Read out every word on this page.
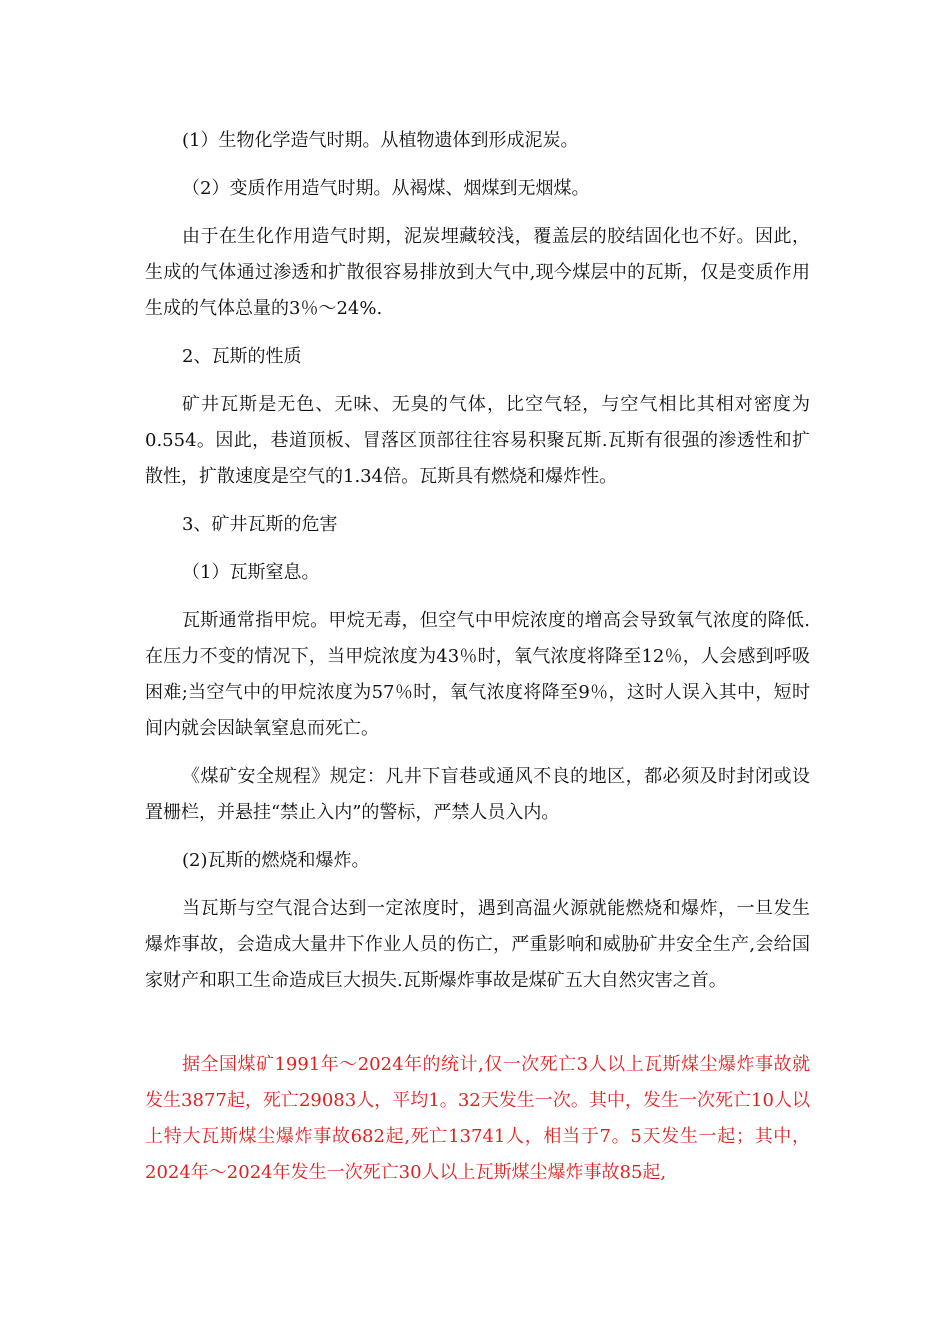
(1）生物化学造气时期。从植物遗体到形成泥炭。

（2）变质作用造气时期。从褐煤、烟煤到无烟煤。

由于在生化作用造气时期，泥炭埋藏较浅，覆盖层的胶结固化也不好。因此，生成的气体通过渗透和扩散很容易排放到大气中,现今煤层中的瓦斯，仅是变质作用生成的气体总量的3％～24%.

2、瓦斯的性质

矿井瓦斯是无色、无味、无臭的气体，比空气轻，与空气相比其相对密度为0.554。因此，巷道顶板、冒落区顶部往往容易积聚瓦斯.瓦斯有很强的渗透性和扩散性，扩散速度是空气的1.34倍。瓦斯具有燃烧和爆炸性。

3、矿井瓦斯的危害

（1）瓦斯窒息。

瓦斯通常指甲烷。甲烷无毒，但空气中甲烷浓度的增高会导致氧气浓度的降低.在压力不变的情况下，当甲烷浓度为43％时，氧气浓度将降至12％，人会感到呼吸困难;当空气中的甲烷浓度为57％时，氧气浓度将降至9％，这时人误入其中，短时间内就会因缺氧窒息而死亡。

《煤矿安全规程》规定：凡井下盲巷或通风不良的地区，都必须及时封闭或设置栅栏，并悬挂“禁止入内”的警标，严禁人员入内。

(2)瓦斯的燃烧和爆炸。

当瓦斯与空气混合达到一定浓度时，遇到高温火源就能燃烧和爆炸，一旦发生爆炸事故，会造成大量井下作业人员的伤亡，严重影响和威胁矿井安全生产,会给国家财产和职工生命造成巨大损失.瓦斯爆炸事故是煤矿五大自然灾害之首。

据全国煤矿1991年～2024年的统计,仅一次死亡3人以上瓦斯煤尘爆炸事故就发生3877起，死亡29083人，平均1。32天发生一次。其中，发生一次死亡10人以上特大瓦斯煤尘爆炸事故682起,死亡13741人，相当于7。5天发生一起；其中，2024年～2024年发生一次死亡30人以上瓦斯煤尘爆炸事故85起,
